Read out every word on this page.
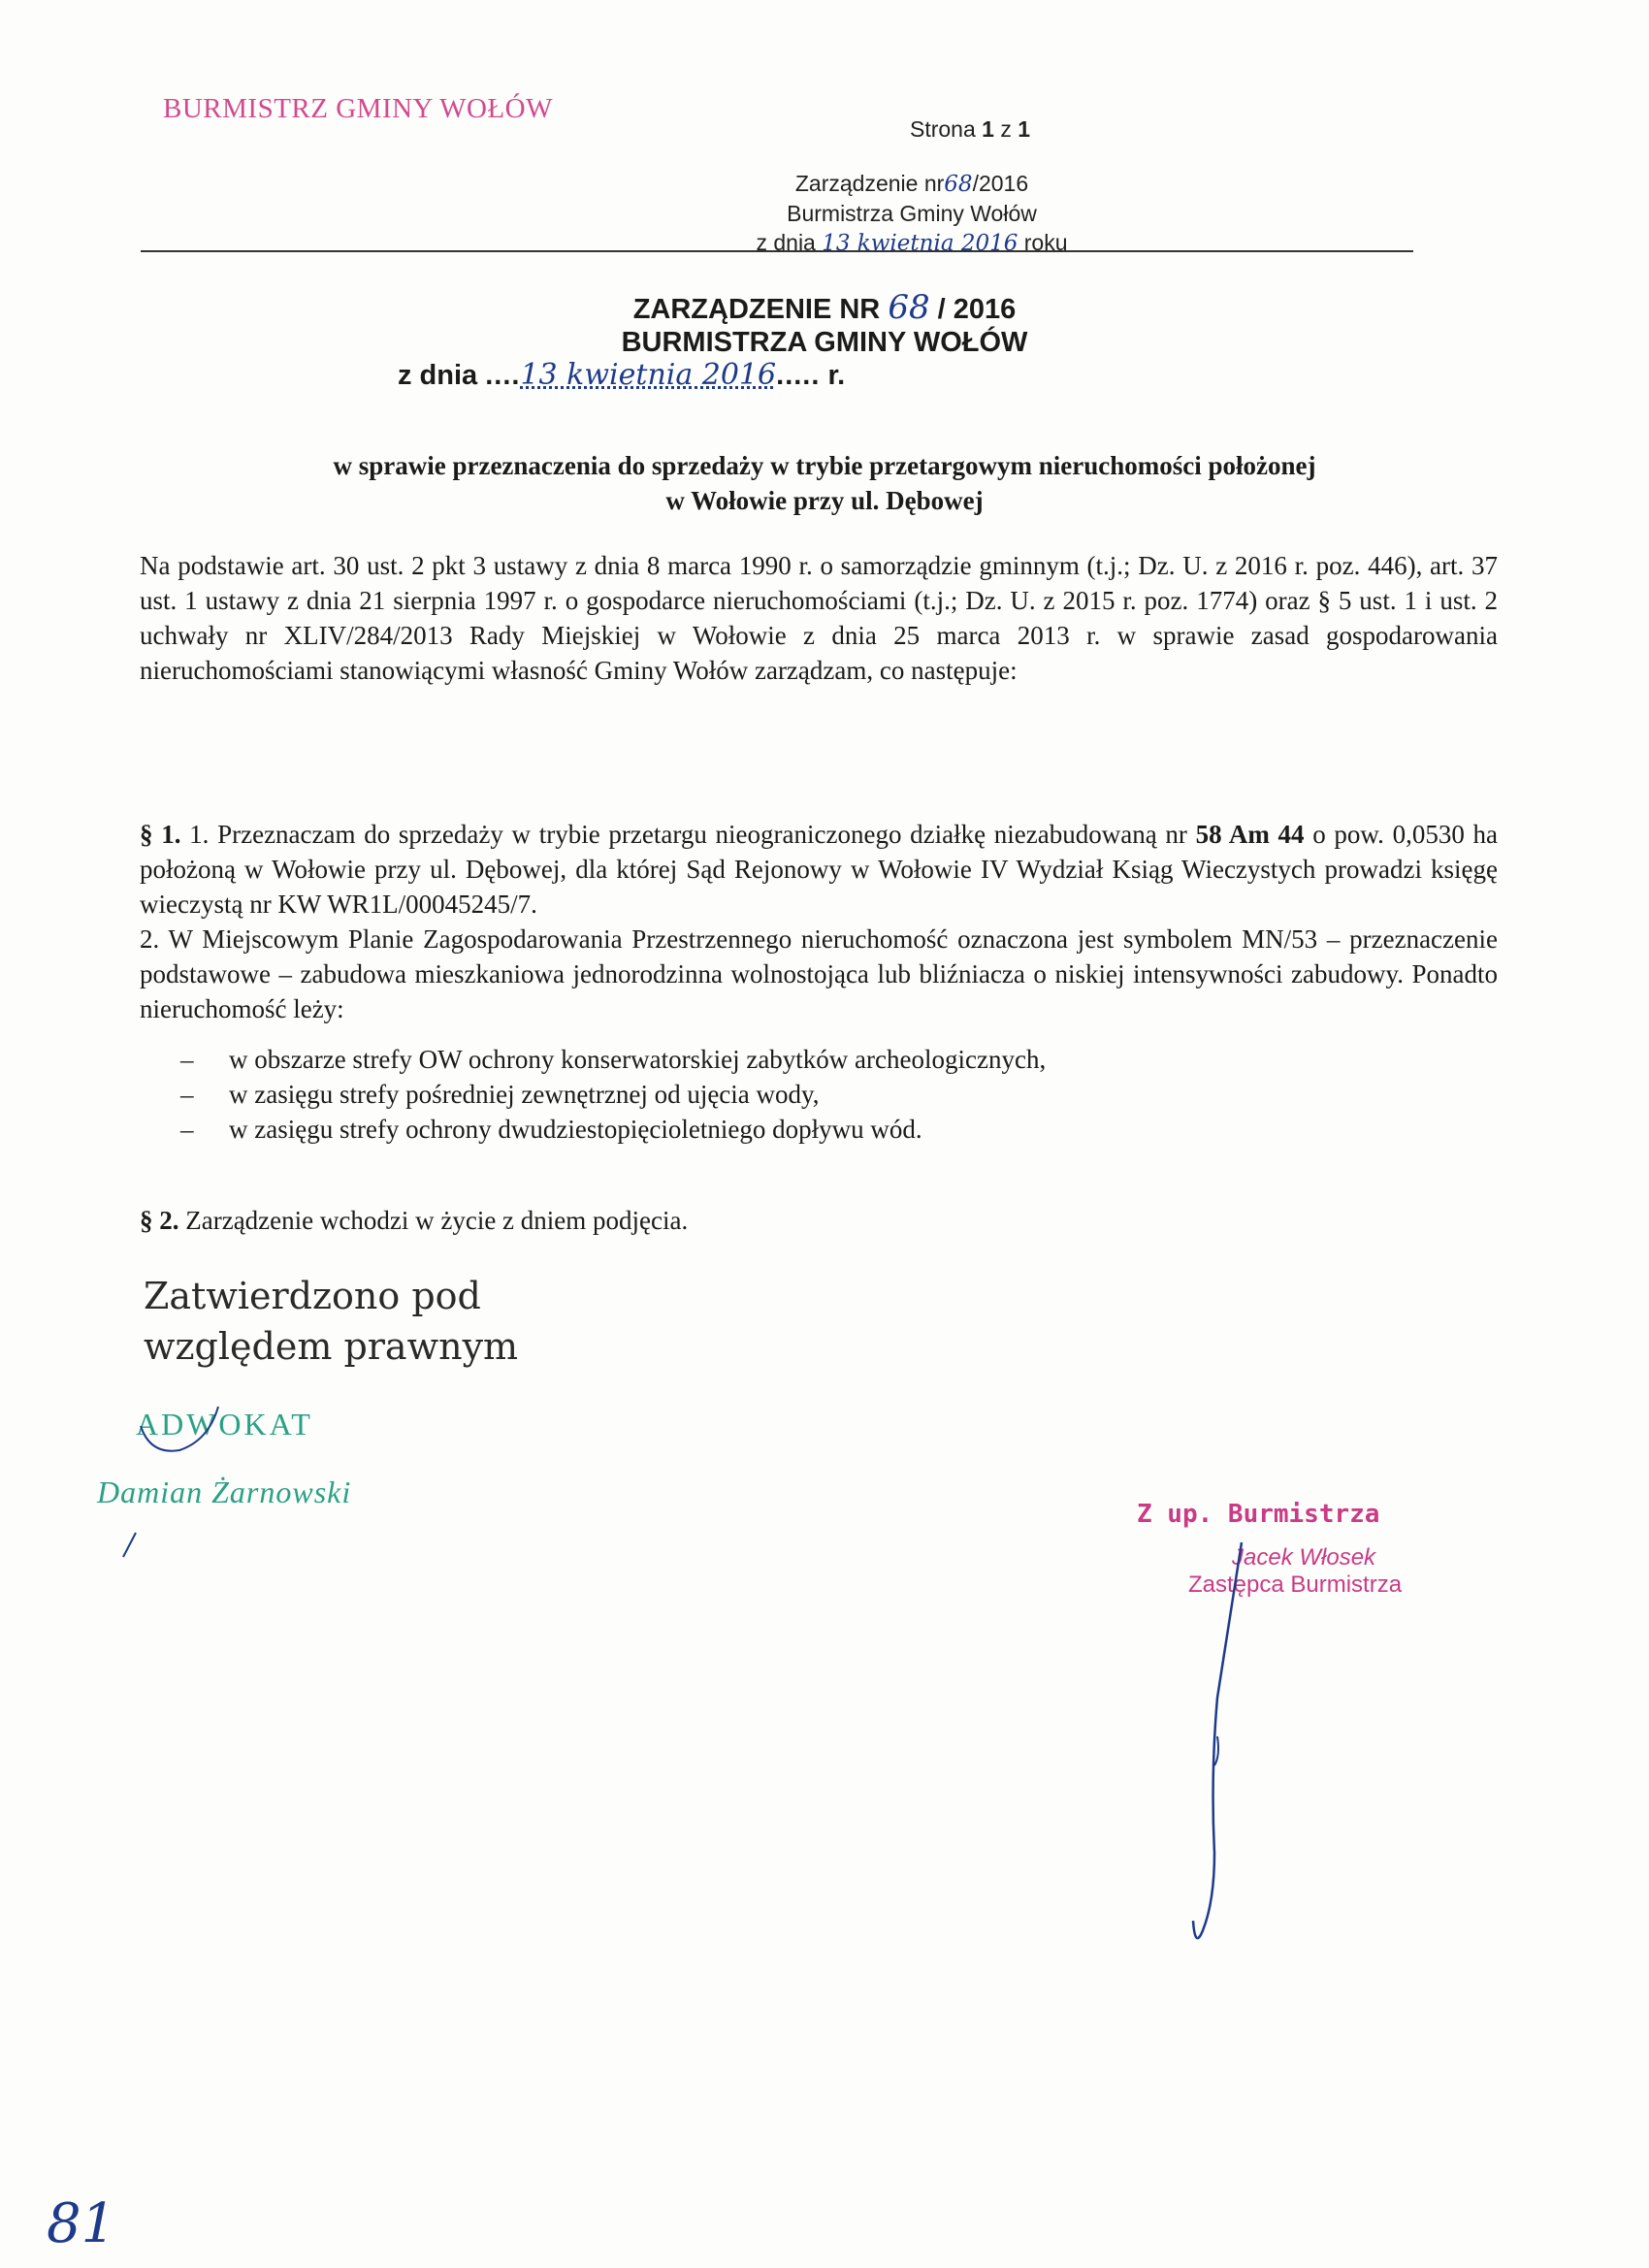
BURMISTRZ GMINY WOŁÓW
Strona 1 z 1
Zarządzenie nr68/2016
Burmistrza Gminy Wołów
z dnia 13 kwietnia 2016 roku
ZARZĄDZENIE NR 68 / 2016
BURMISTRZA GMINY WOŁÓW
z dnia ....13 kwietnia 2016..... r.
w sprawie przeznaczenia do sprzedaży w trybie przetargowym nieruchomości położonej
w Wołowie przy ul. Dębowej
Na podstawie art. 30 ust. 2 pkt 3 ustawy z dnia 8 marca 1990 r. o samorządzie gminnym (t.j.; Dz. U. z 2016 r. poz. 446), art. 37 ust. 1 ustawy z dnia 21 sierpnia 1997 r. o gospodarce nieruchomościami (t.j.; Dz. U. z 2015 r. poz. 1774) oraz § 5 ust. 1 i ust. 2 uchwały nr XLIV/284/2013 Rady Miejskiej w Wołowie z dnia 25 marca 2013 r. w sprawie zasad gospodarowania nieruchomościami stanowiącymi własność Gminy Wołów zarządzam, co następuje:
§ 1. 1. Przeznaczam do sprzedaży w trybie przetargu nieograniczonego działkę niezabudowaną nr 58 Am 44 o pow. 0,0530 ha położoną w Wołowie przy ul. Dębowej, dla której Sąd Rejonowy w Wołowie IV Wydział Ksiąg Wieczystych prowadzi księgę wieczystą nr KW WR1L/00045245/7.
2. W Miejscowym Planie Zagospodarowania Przestrzennego nieruchomość oznaczona jest symbolem MN/53 – przeznaczenie podstawowe – zabudowa mieszkaniowa jednorodzinna wolnostojąca lub bliźniacza o niskiej intensywności zabudowy. Ponadto nieruchomość leży:
–	w obszarze strefy OW ochrony konserwatorskiej zabytków archeologicznych,
–	w zasięgu strefy pośredniej zewnętrznej od ujęcia wody,
–	w zasięgu strefy ochrony dwudziestopięcioletniego dopływu wód.
§ 2. Zarządzenie wchodzi w życie z dniem podjęcia.
Zatwierdzono pod
względem prawnym
ADWOKAT
Damian Żarnowski
Z up. Burmistrza
Jacek Włosek
Zastępca Burmistrza
81
